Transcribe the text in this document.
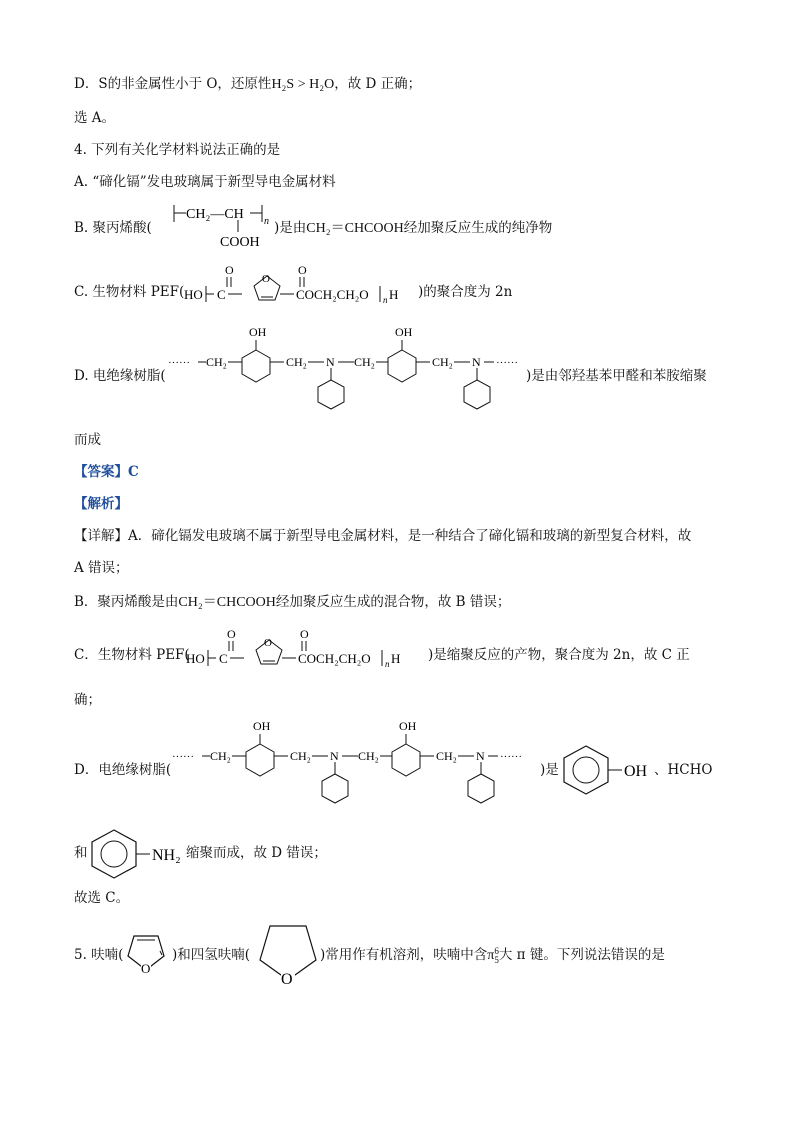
D．S的非金属性小于 O，还原性H₂S > H₂O，故 D 正确；
选 A。
4. 下列有关化学材料说法正确的是
A. “碲化镉”发电玻璃属于新型导电金属材料
B. 聚丙烯酸(
CH₂—CH n
COOH
)是由CH₂＝CHCOOH经加聚反应生成的纯净物
C. 生物材料 PEF( HO C
O
O
O
COCH₂CH₂O n H )的聚合度为 2n
D. 电绝缘树脂(
······ CH₂
OH
CH₂ N CH₂
OH
CH₂ N ······
)是由邻羟基苯甲醛和苯胺缩聚
而成
【答案】C
【解析】
【详解】A．碲化镉发电玻璃不属于新型导电金属材料，是一种结合了碲化镉和玻璃的新型复合材料，故
A 错误；
B．聚丙烯酸是由CH₂＝CHCOOH经加聚反应生成的混合物，故 B 错误；
C．生物材料 PEF(
HO C
O
O
O
COCH₂CH₂O n H )是缩聚反应的产物，聚合度为 2n，故 C 正
确；
D．电绝缘树脂(
······ CH₂
OH
CH₂ N CH₂
OH
CH₂ N ······
)是	OH 、HCHO
和	NH₂ 缩聚而成，故 D 错误；
故选 C。
5. 呋喃(
O
)和四氢呋喃(
O
)常用作有机溶剂，呋喃中含π 6
5 大 π 键。下列说法错误的是
